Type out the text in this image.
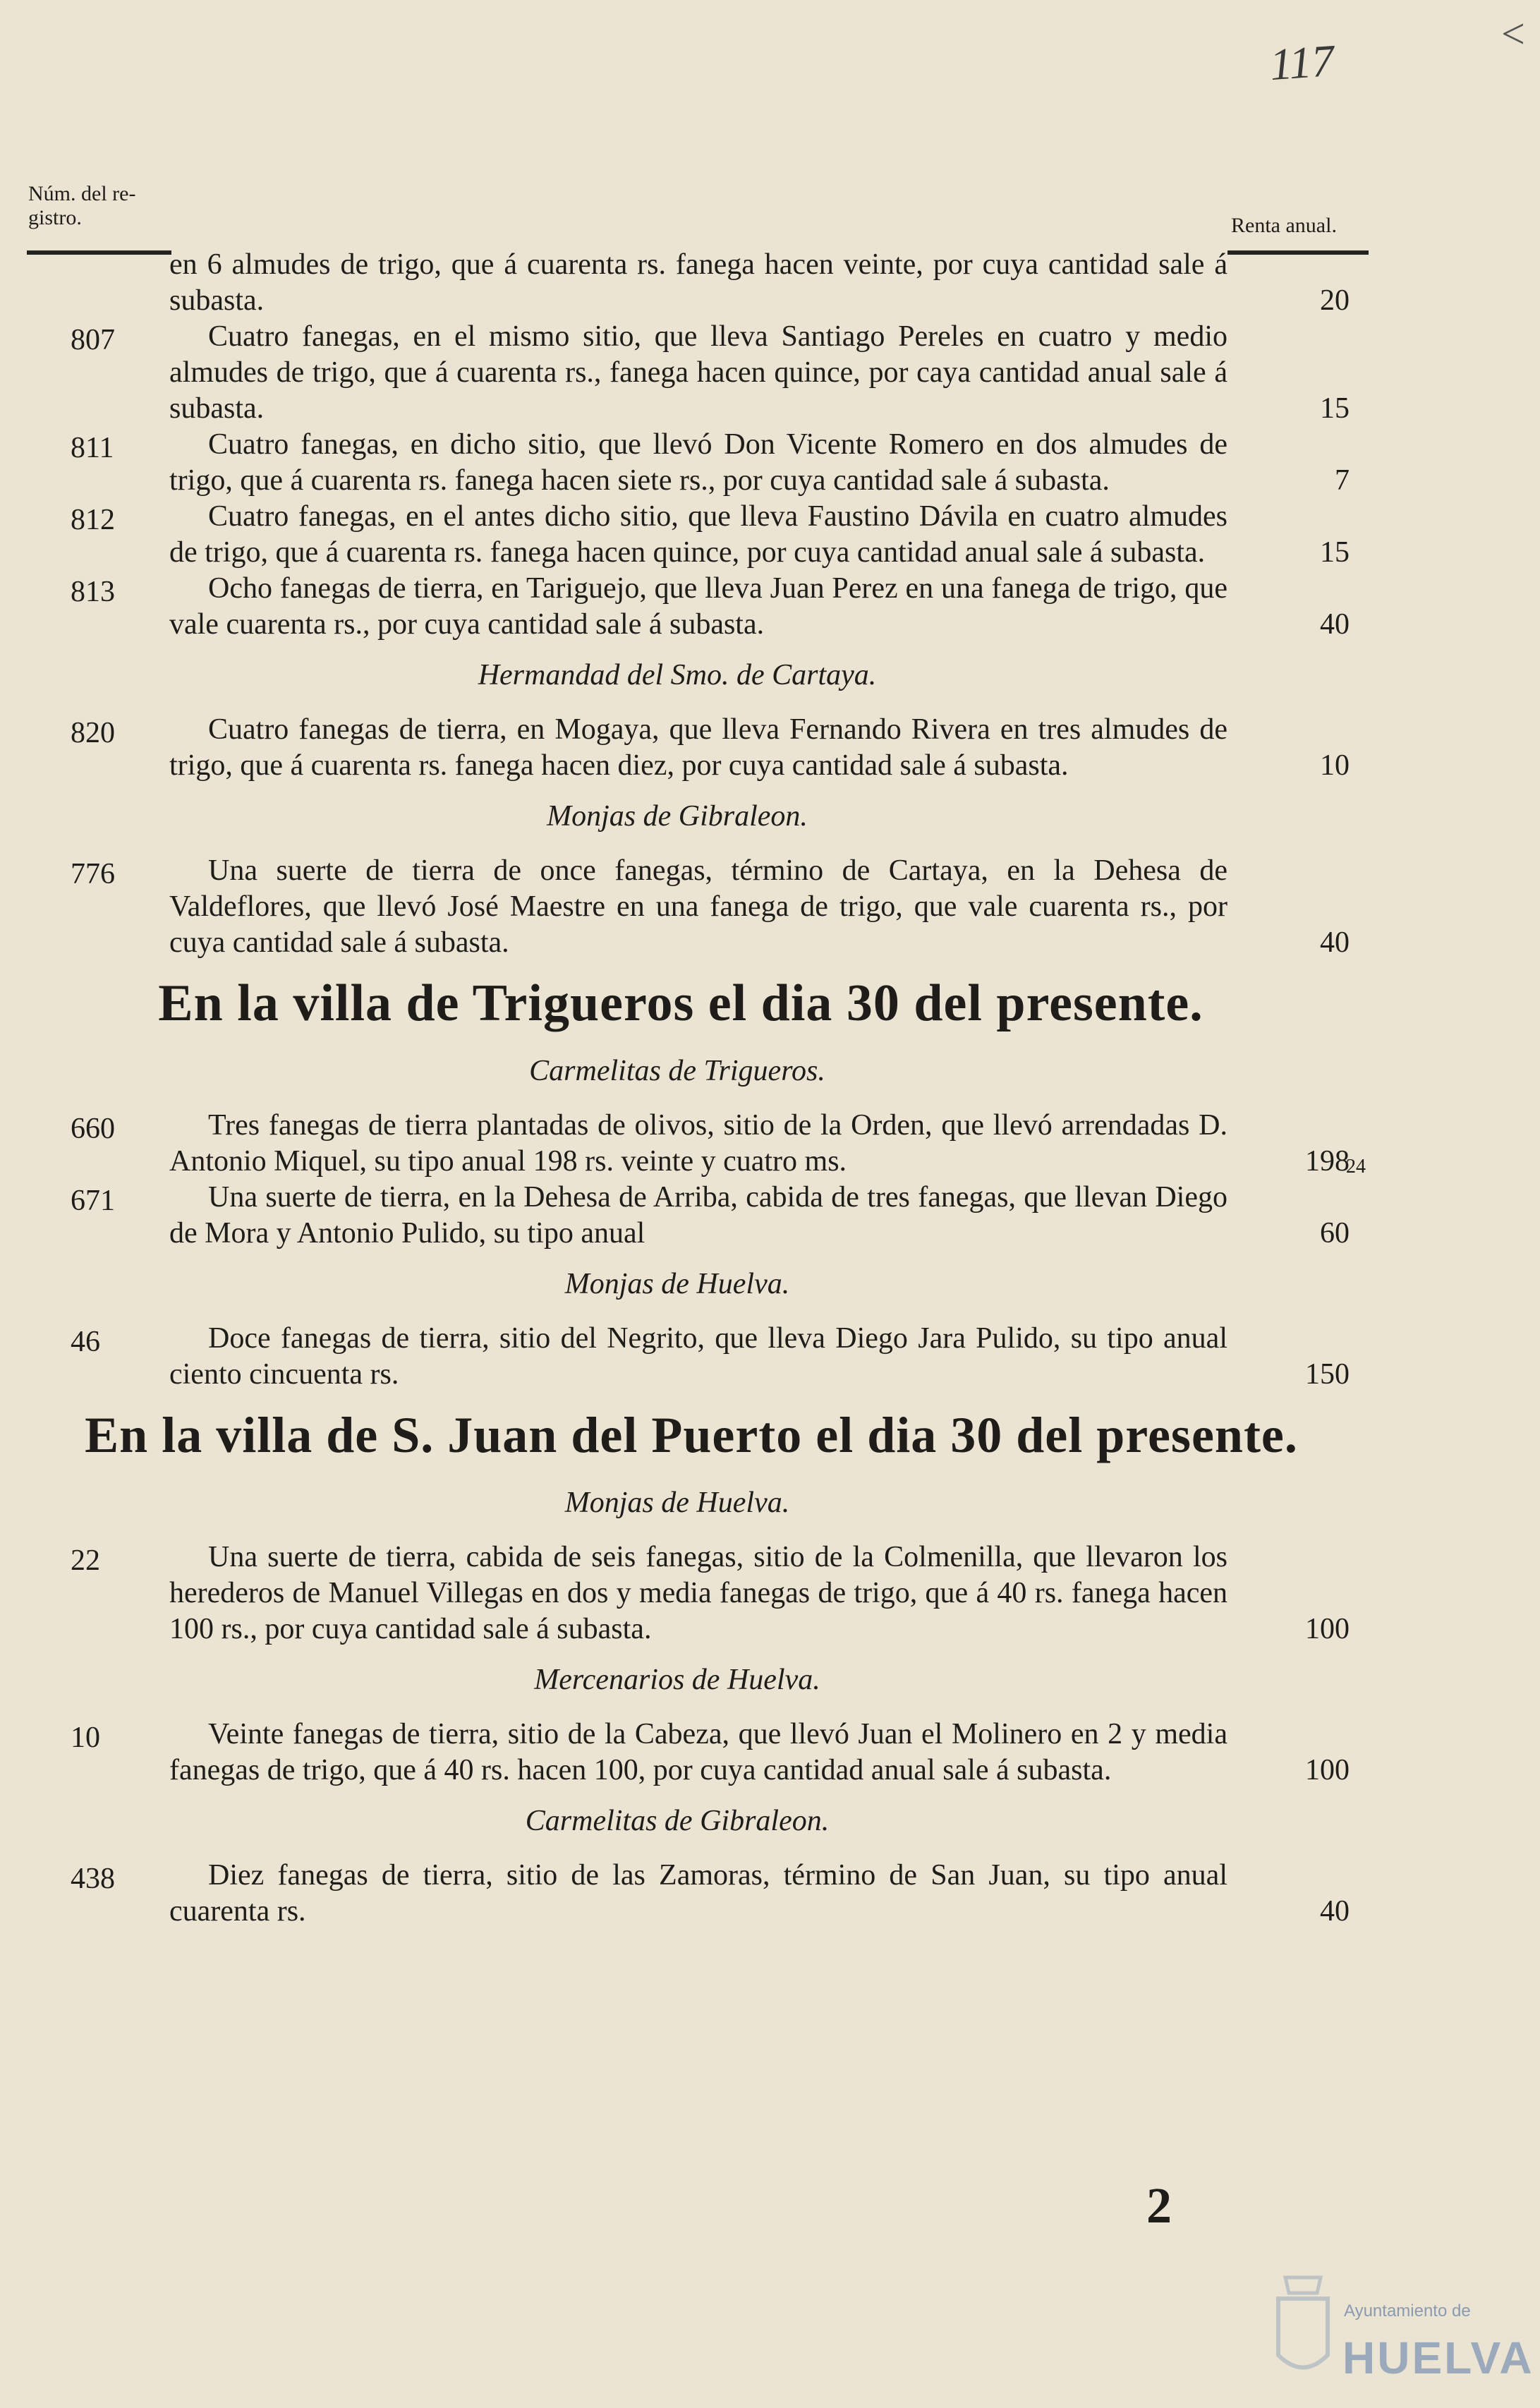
117
<
Núm. del re-
gistro.	Renta anual.
en 6 almudes de trigo, que á cuarenta rs. fanega hacen veinte, por cuya cantidad sale á subasta.	20
807	Cuatro fanegas, en el mismo sitio, que lleva Santiago Pereles en cuatro y medio almudes de trigo, que á cuarenta rs., fanega hacen quince, por caya cantidad anual sale á subasta.	15
811	Cuatro fanegas, en dicho sitio, que llevó Don Vicente Romero en dos almudes de trigo, que á cuarenta rs. fanega hacen siete rs., por cuya cantidad sale á subasta.	7
812	Cuatro fanegas, en el antes dicho sitio, que lleva Faustino Dávila en cuatro almudes de trigo, que á cuarenta rs. fanega hacen quince, por cuya cantidad anual sale á subasta.	15
813	Ocho fanegas de tierra, en Tariguejo, que lleva Juan Perez en una fanega de trigo, que vale cuarenta rs., por cuya cantidad sale á subasta.	40
Hermandad del Smo. de Cartaya.
820	Cuatro fanegas de tierra, en Mogaya, que lleva Fernando Rivera en tres almudes de trigo, que á cuarenta rs. fanega hacen diez, por cuya cantidad sale á subasta.	10
Monjas de Gibraleon.
776	Una suerte de tierra de once fanegas, término de Cartaya, en la Dehesa de Valdeflores, que llevó José Maestre en una fanega de trigo, que vale cuarenta rs., por cuya cantidad sale á subasta.	40
En la villa de Trigueros el dia 30 del presente.
Carmelitas de Trigueros.
660	Tres fanegas de tierra plantadas de olivos, sitio de la Orden, que llevó arrendadas D. Antonio Miquel, su tipo anual 198 rs. veinte y cuatro ms.	198
24
671	Una suerte de tierra, en la Dehesa de Arriba, cabida de tres fanegas, que llevan Diego de Mora y Antonio Pulido, su tipo anual	60
Monjas de Huelva.
46	Doce fanegas de tierra, sitio del Negrito, que lleva Diego Jara Pulido, su tipo anual ciento cincuenta rs.	150
En la villa de S. Juan del Puerto el dia 30 del presente.
Monjas de Huelva.
22	Una suerte de tierra, cabida de seis fanegas, sitio de la Colmenilla, que llevaron los herederos de Manuel Villegas en dos y media fanegas de trigo, que á 40 rs. fanega hacen 100 rs., por cuya cantidad sale á subasta.	100
Mercenarios de Huelva.
10	Veinte fanegas de tierra, sitio de la Cabeza, que llevó Juan el Molinero en 2 y media fanegas de trigo, que á 40 rs. hacen 100, por cuya cantidad anual sale á subasta.	100
Carmelitas de Gibraleon.
438	Diez fanegas de tierra, sitio de las Zamoras, término de San Juan, su tipo anual cuarenta rs.	40
2
Ayuntamiento de
HUELVA
